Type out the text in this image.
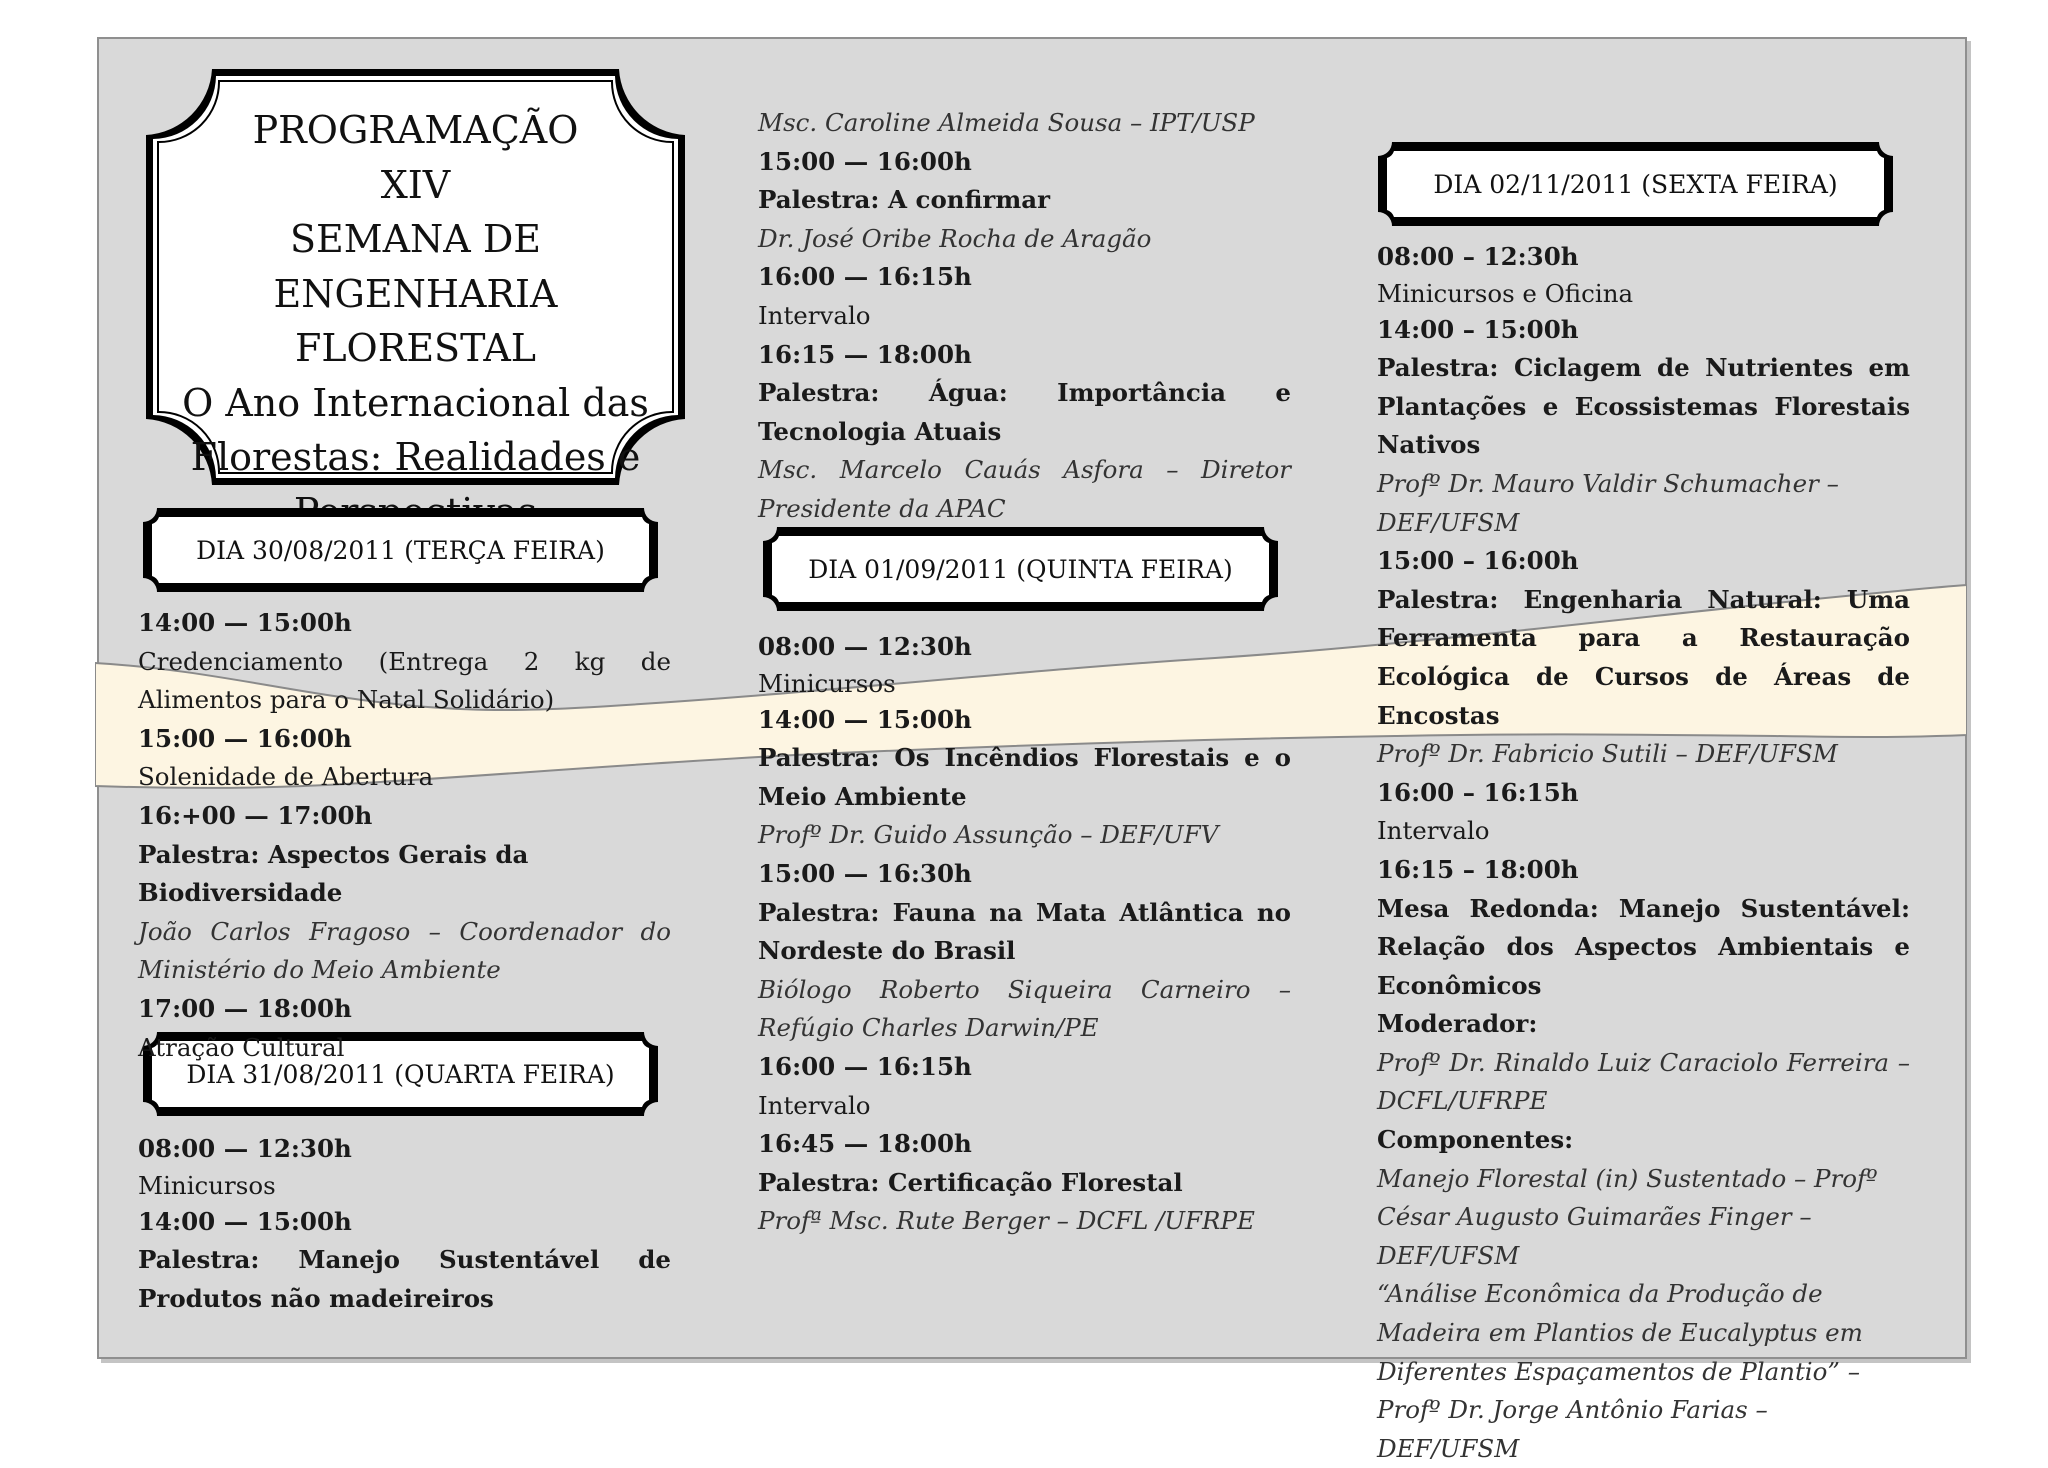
PROGRAMAÇÃO
XIV
SEMANA DE ENGENHARIA
FLORESTAL
O Ano Internacional das
Florestas: Realidades e
DIA 30/08/2011 (TERÇA FEIRA)
DIA 31/08/2011 (QUARTA FEIRA)
DIA 01/09/2011 (QUINTA FEIRA)
DIA 02/11/2011 (SEXTA FEIRA)

14:00 — 15:00h

Credenciamento (Entrega 2 kg de Alimentos para o Natal Solidário)

15:00 — 16:00h

Solenidade de Abertura

16:+00 — 17:00h

Palestra: Aspectos Gerais da Biodiversidade

João Carlos Fragoso – Coordenador do Ministério do Meio Ambiente

17:00 — 18:00h

Atração Cultural

08:00 — 12:30h

Minicursos

14:00 — 15:00h

Palestra: Manejo Sustentável de Produtos não madeireiros

Msc. Caroline Almeida Sousa – IPT/USP

15:00 — 16:00h

Palestra: A confirmar

Dr. José Oribe Rocha de Aragão

16:00 — 16:15h

Intervalo

16:15 — 18:00h

Palestra: Água: Importância e Tecnologia Atuais

Msc. Marcelo Cauás Asfora – Diretor Presidente da APAC

08:00 — 12:30h

Minicursos

14:00 — 15:00h

Palestra: Os Incêndios Florestais e o Meio Ambiente

Profº Dr. Guido Assunção – DEF/UFV

15:00 — 16:30h

Palestra: Fauna na Mata Atlântica no Nordeste do Brasil

Biólogo Roberto Siqueira Carneiro – Refúgio Charles Darwin/PE

16:00 — 16:15h

Intervalo

16:45 — 18:00h

Palestra: Certificação Florestal

Profª Msc. Rute Berger – DCFL /UFRPE

08:00 – 12:30h

Minicursos e Oficina

14:00 – 15:00h

Palestra: Ciclagem de Nutrientes em Plantações e Ecossistemas Florestais Nativos

Profº Dr. Mauro Valdir Schumacher – DEF/UFSM

15:00 – 16:00h

Palestra: Engenharia Natural: Uma Ferramenta para a Restauração Ecológica de Cursos de Áreas de Encostas

Profº Dr. Fabricio Sutili – DEF/UFSM

16:00 – 16:15h

Intervalo

16:15 – 18:00h

Mesa Redonda: Manejo Sustentável: Relação dos Aspectos Ambientais e Econômicos

Moderador:

Profº Dr. Rinaldo Luiz Caraciolo Ferreira – DCFL/UFRPE

Componentes:

Manejo Florestal (in) Sustentado – Profº César Augusto Guimarães Finger – DEF/UFSM

“Análise Econômica da Produção de Madeira em Plantios de Eucalyptus em Diferentes Espaçamentos de Plantio” – Profº Dr. Jorge Antônio Farias – DEF/UFSM
